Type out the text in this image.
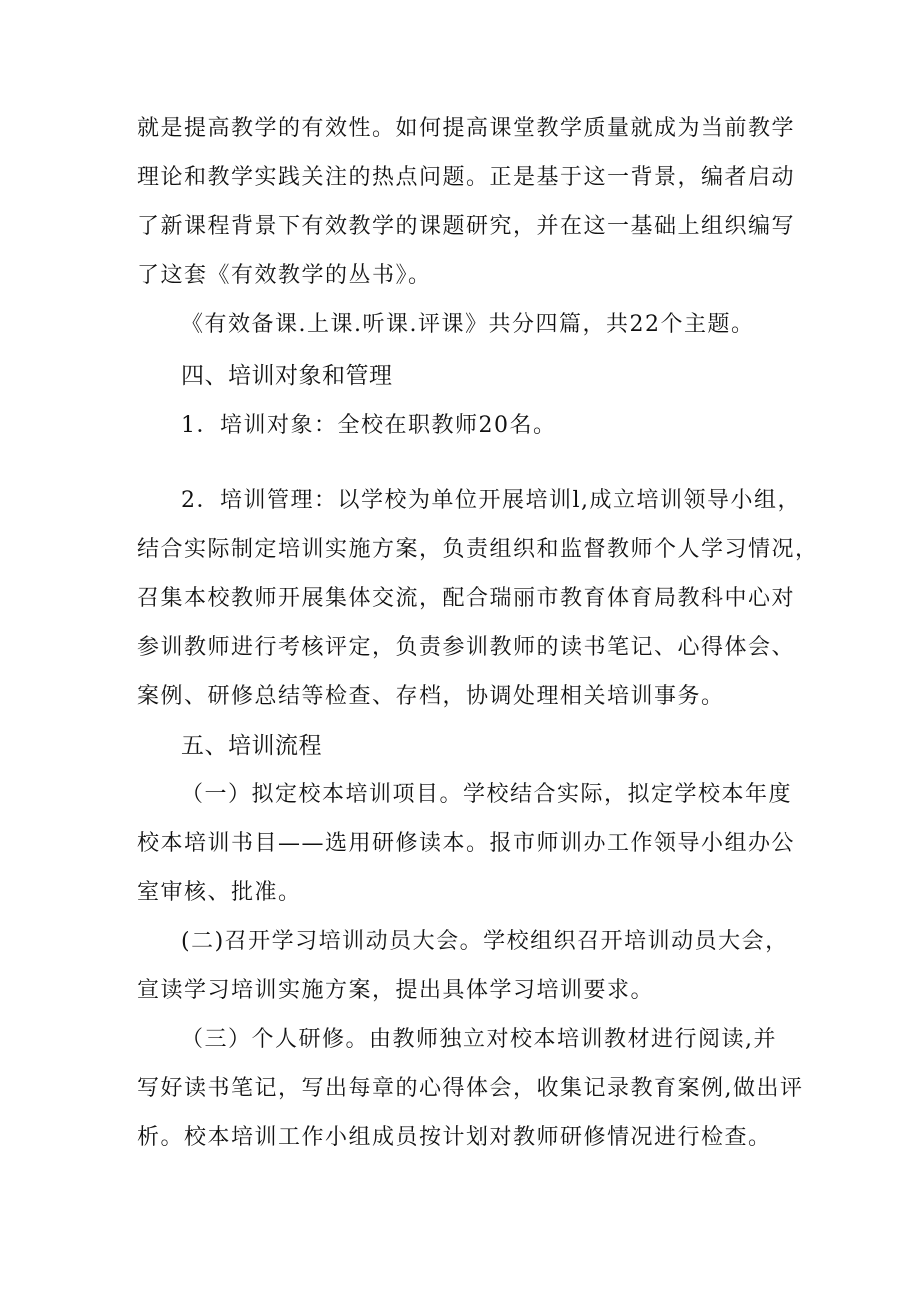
就是提高教学的有效性。如何提高课堂教学质量就成为当前教学
理论和教学实践关注的热点问题。正是基于这一背景，编者启动
了新课程背景下有效教学的课题研究，并在这一基础上组织编写
了这套《有效教学的丛书》。
《有效备课.上课.听课.评课》共分四篇，共22个主题。
四、培训对象和管理
1．培训对象：全校在职教师20名。
2．培训管理：以学校为单位开展培训l,成立培训领导小组，
结合实际制定培训实施方案，负责组织和监督教师个人学习情况，
召集本校教师开展集体交流，配合瑞丽市教育体育局教科中心对
参训教师进行考核评定，负责参训教师的读书笔记、心得体会、
案例、研修总结等检查、存档，协调处理相关培训事务。
五、培训流程
（一）拟定校本培训项目。学校结合实际，拟定学校本年度
校本培训书目——选用研修读本。报市师训办工作领导小组办公
室审核、批准。
(二)召开学习培训动员大会。学校组织召开培训动员大会，
宣读学习培训实施方案，提出具体学习培训要求。
（三）个人研修。由教师独立对校本培训教材进行阅读,并
写好读书笔记，写出每章的心得体会，收集记录教育案例,做出评
析。校本培训工作小组成员按计划对教师研修情况进行检查。
